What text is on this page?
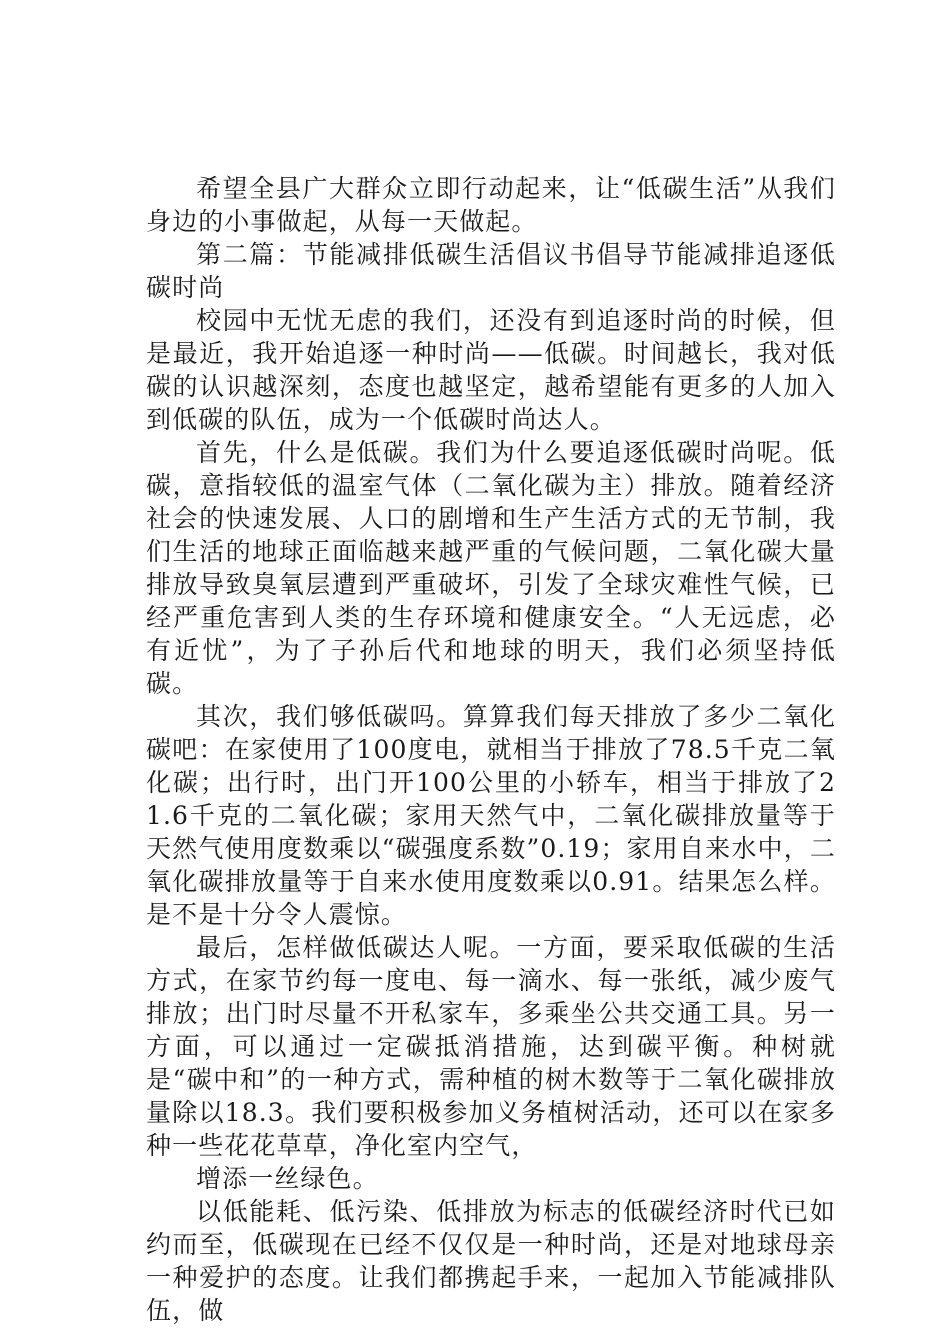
希望全县广大群众立即行动起来，让“低碳生活”从我们身边的小事做起，从每一天做起。

第二篇：节能减排低碳生活倡议书倡导节能减排追逐低碳时尚

校园中无忧无虑的我们，还没有到追逐时尚的时候，但是最近，我开始追逐一种时尚——低碳。时间越长，我对低碳的认识越深刻，态度也越坚定，越希望能有更多的人加入到低碳的队伍，成为一个低碳时尚达人。

首先，什么是低碳。我们为什么要追逐低碳时尚呢。低碳，意指较低的温室气体（二氧化碳为主）排放。随着经济社会的快速发展、人口的剧增和生产生活方式的无节制，我们生活的地球正面临越来越严重的气候问题，二氧化碳大量排放导致臭氧层遭到严重破坏，引发了全球灾难性气候，已经严重危害到人类的生存环境和健康安全。“人无远虑，必有近忧”，为了子孙后代和地球的明天，我们必须坚持低碳。

其次，我们够低碳吗。算算我们每天排放了多少二氧化碳吧：在家使用了100度电，就相当于排放了78.5千克二氧化碳；出行时，出门开100公里的小轿车，相当于排放了21.6千克的二氧化碳；家用天然气中，二氧化碳排放量等于天然气使用度数乘以“碳强度系数”0.19；家用自来水中，二氧化碳排放量等于自来水使用度数乘以0.91。结果怎么样。是不是十分令人震惊。

最后，怎样做低碳达人呢。一方面，要采取低碳的生活方式，在家节约每一度电、每一滴水、每一张纸，减少废气排放；出门时尽量不开私家车，多乘坐公共交通工具。另一方面，可以通过一定碳抵消措施，达到碳平衡。种树就是“碳中和”的一种方式，需种植的树木数等于二氧化碳排放量除以18.3。我们要积极参加义务植树活动，还可以在家多种一些花花草草，净化室内空气，

增添一丝绿色。

以低能耗、低污染、低排放为标志的低碳经济时代已如约而至，低碳现在已经不仅仅是一种时尚，还是对地球母亲一种爱护的态度。让我们都携起手来，一起加入节能减排队伍，做
